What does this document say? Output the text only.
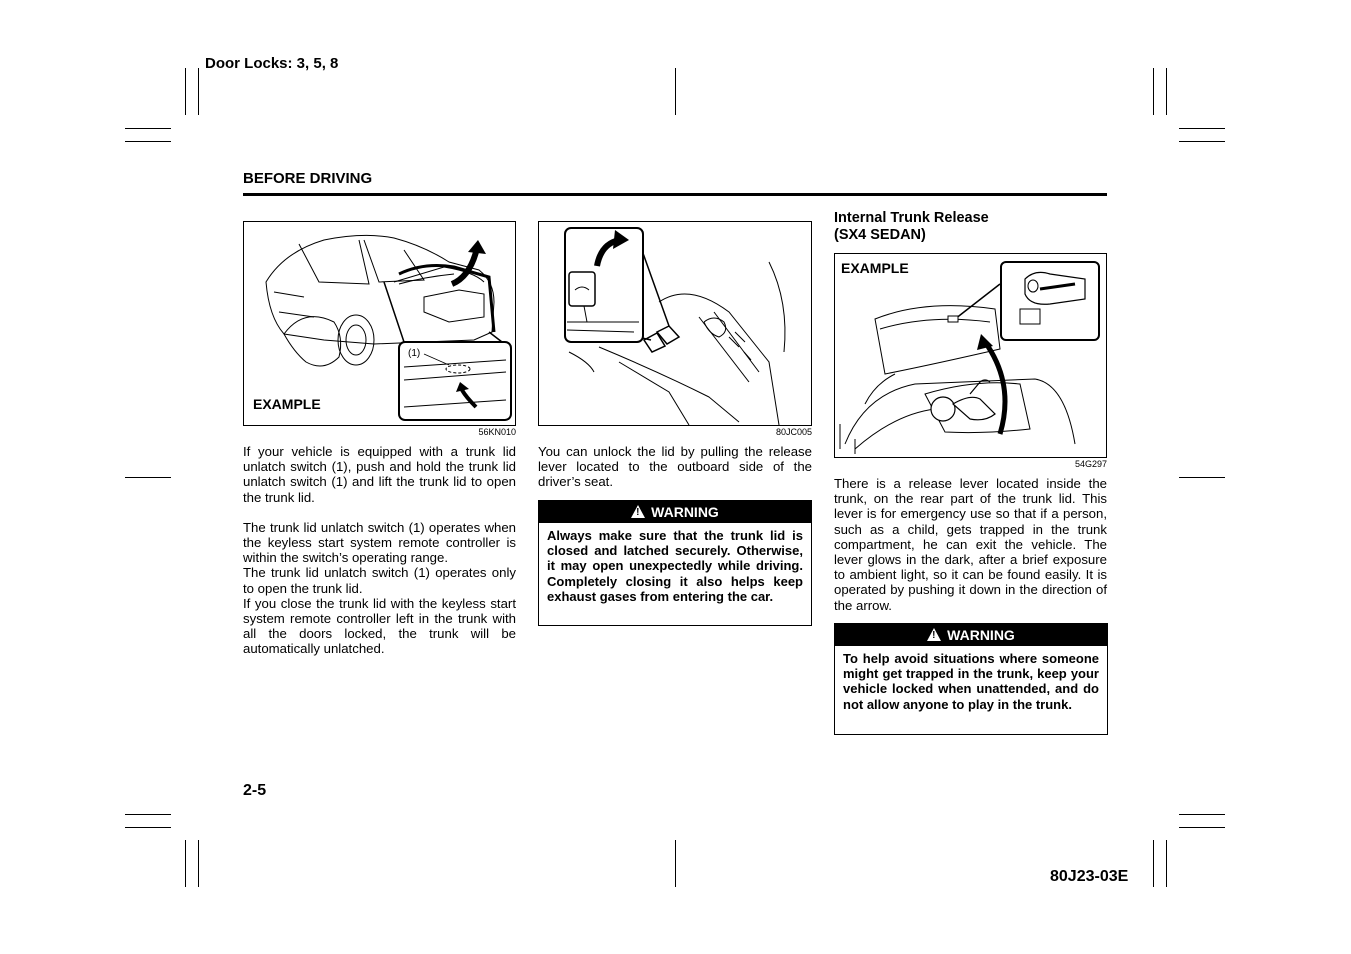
Door Locks: 3, 5, 8
BEFORE DRIVING
(1)
EXAMPLE
56KN010

If your vehicle is equipped with a trunk lid unlatch switch (1), push and hold the trunk lid unlatch switch (1) and lift the trunk lid to open the trunk lid.

The trunk lid unlatch switch (1) operates when the keyless start system remote controller is within the switch’s operating range.

The trunk lid unlatch switch (1) operates only to open the trunk lid.

If you close the trunk lid with the keyless start system remote controller left in the trunk with all the doors locked, the trunk will be automatically unlatched.

80JC005
You can unlock the lid by pulling the release lever located to the outboard side of the driver’s seat.
! WARNING
Always make sure that the trunk lid is closed and latched securely. Otherwise, it may open unexpectedly while driving. Completely closing it also helps keep exhaust gases from entering the car.
Internal Trunk Release
(SX4 SEDAN)
EXAMPLE
54G297
There is a release lever located inside the trunk, on the rear part of the trunk lid. This lever is for emergency use so that if a person, such as a child, gets trapped in the trunk compartment, he can exit the vehicle. The lever glows in the dark, after a brief exposure to ambient light, so it can be found easily. It is operated by pushing it down in the direction of the arrow.
! WARNING
To help avoid situations where someone might get trapped in the trunk, keep your vehicle locked when unattended, and do not allow anyone to play in the trunk.
2-5
80J23-03E
